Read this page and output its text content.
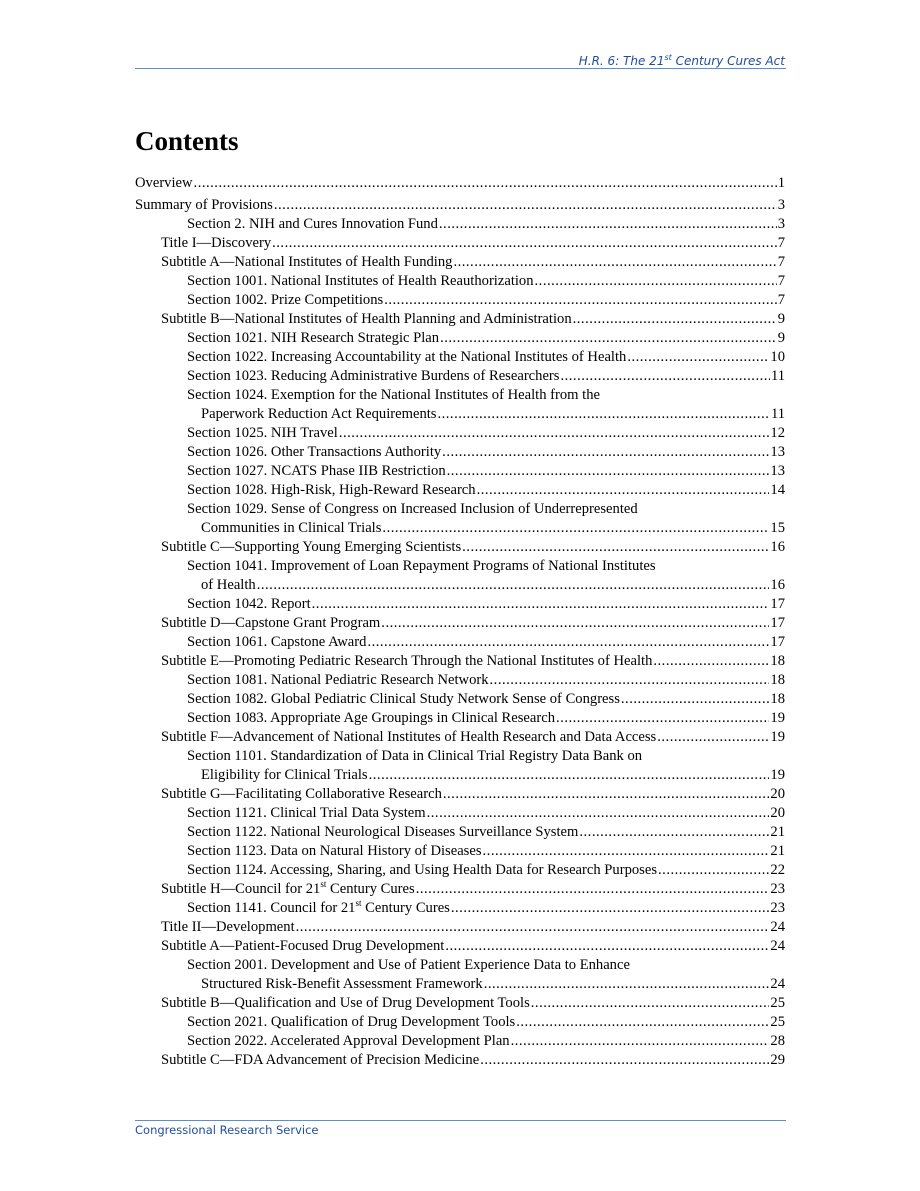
H.R. 6: The 21st Century Cures Act
Contents
Overview .....	1
Summary of Provisions .....	3
Section 2. NIH and Cures Innovation Fund .....	3
Title I—Discovery .....	7
Subtitle A—National Institutes of Health Funding .....	7
Section 1001. National Institutes of Health Reauthorization .....	7
Section 1002. Prize Competitions .....	7
Subtitle B—National Institutes of Health Planning and Administration .....	9
Section 1021. NIH Research Strategic Plan .....	9
Section 1022. Increasing Accountability at the National Institutes of Health .....	10
Section 1023. Reducing Administrative Burdens of Researchers .....	11
Section 1024. Exemption for the National Institutes of Health from the
Paperwork Reduction Act Requirements .....	11
Section 1025. NIH Travel .....	12
Section 1026. Other Transactions Authority .....	13
Section 1027. NCATS Phase IIB Restriction .....	13
Section 1028. High-Risk, High-Reward Research .....	14
Section 1029. Sense of Congress on Increased Inclusion of Underrepresented
Communities in Clinical Trials .....	15
Subtitle C—Supporting Young Emerging Scientists .....	16
Section 1041. Improvement of Loan Repayment Programs of National Institutes
of Health .....	16
Section 1042. Report .....	17
Subtitle D—Capstone Grant Program .....	17
Section 1061. Capstone Award .....	17
Subtitle E—Promoting Pediatric Research Through the National Institutes of Health .....	18
Section 1081. National Pediatric Research Network .....	18
Section 1082. Global Pediatric Clinical Study Network Sense of Congress .....	18
Section 1083. Appropriate Age Groupings in Clinical Research .....	19
Subtitle F—Advancement of National Institutes of Health Research and Data Access .....	19
Section 1101. Standardization of Data in Clinical Trial Registry Data Bank on
Eligibility for Clinical Trials .....	19
Subtitle G—Facilitating Collaborative Research .....	20
Section 1121. Clinical Trial Data System .....	20
Section 1122. National Neurological Diseases Surveillance System .....	21
Section 1123. Data on Natural History of Diseases .....	21
Section 1124. Accessing, Sharing, and Using Health Data for Research Purposes .....	22
Subtitle H—Council for 21st Century Cures .....	23
Section 1141. Council for 21st Century Cures .....	23
Title II—Development .....	24
Subtitle A—Patient-Focused Drug Development .....	24
Section 2001. Development and Use of Patient Experience Data to Enhance
Structured Risk-Benefit Assessment Framework .....	24
Subtitle B—Qualification and Use of Drug Development Tools .....	25
Section 2021. Qualification of Drug Development Tools .....	25
Section 2022. Accelerated Approval Development Plan .....	28
Subtitle C—FDA Advancement of Precision Medicine .....	29
Congressional Research Service
